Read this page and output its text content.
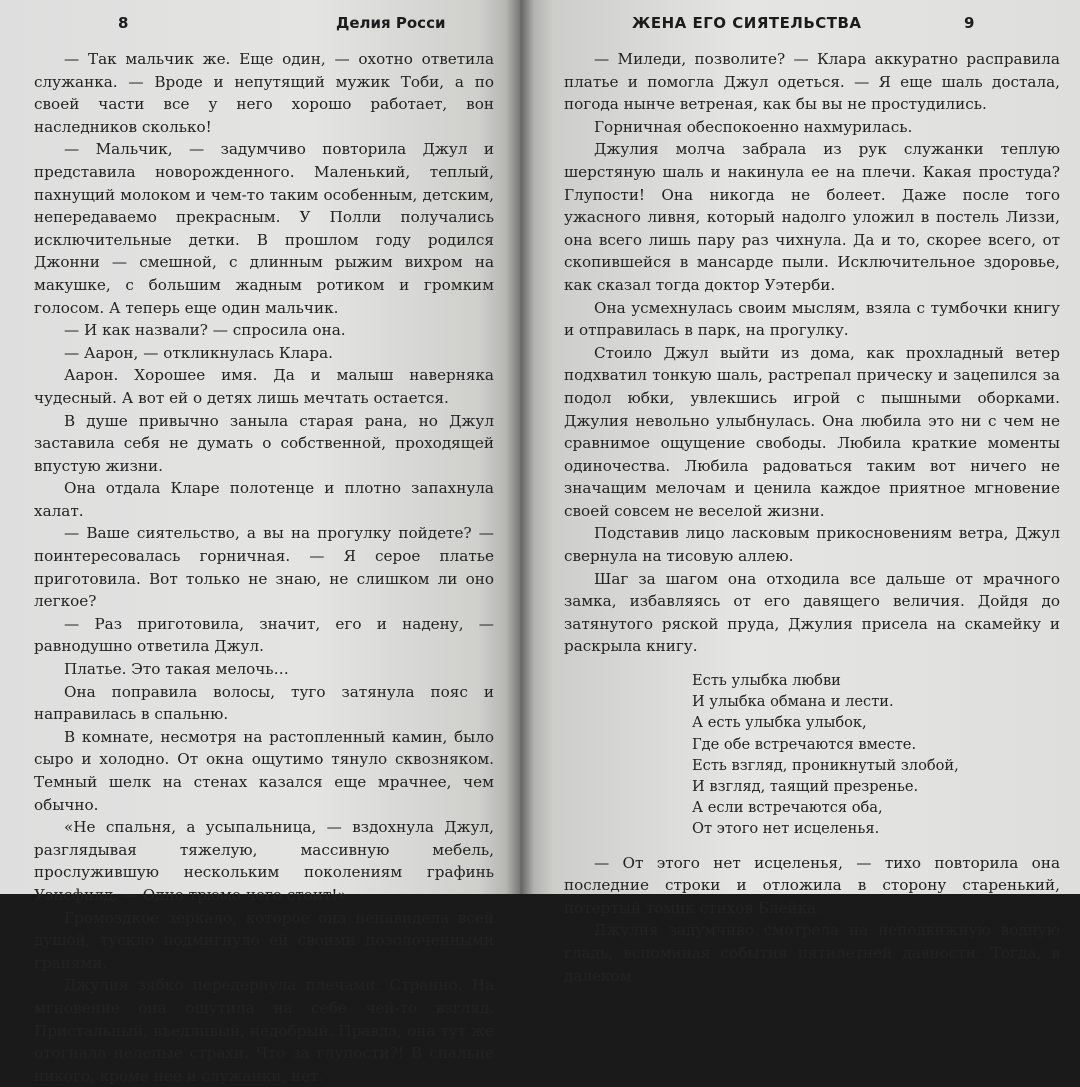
8	Делия Росси

— Так мальчик же. Еще один, — охотно ответила служанка. — Вроде и непутящий мужик Тоби, а по своей части все у него хорошо работает, вон наследников сколько!

— Мальчик, — задумчиво повторила Джул и представила новорожденного. Маленький, теплый, пахнущий молоком и чем-то таким особенным, детским, непередаваемо прекрасным. У Полли получались исключительные детки. В прошлом году родился Джонни — смешной, с длинным рыжим вихром на макушке, с большим жадным ротиком и громким голосом. А теперь еще один мальчик.

— И как назвали? — спросила она.

— Аарон, — откликнулась Клара.

Аарон. Хорошее имя. Да и малыш наверняка чудесный. А вот ей о детях лишь мечтать остается.

В душе привычно заныла старая рана, но Джул заставила себя не думать о собственной, проходящей впустую жизни.

Она отдала Кларе полотенце и плотно запахнула халат.

— Ваше сиятельство, а вы на прогулку пойдете? — поинтересовалась горничная. — Я серое платье приготовила. Вот только не знаю, не слишком ли оно легкое?

— Раз приготовила, значит, его и надену, — равнодушно ответила Джул.

Платье. Это такая мелочь…

Она поправила волосы, туго затянула пояс и направилась в спальню.

В комнате, несмотря на растопленный камин, было сыро и холодно. От окна ощутимо тянуло сквозняком. Темный шелк на стенах казался еще мрачнее, чем обычно.

«Не спальня, а усыпальница, — вздохнула Джул, разглядывая тяжелую, массивную мебель, прослужившую нескольким поколениям графинь Уэнсфилд. — Одно трюмо чего стоит!»

Громоздкое зеркало, которое она ненавидела всей душой, тускло подмигнуло ей своими позолоченными гранями.

Джулия зябко передернула плечами. Странно. На мгновение она ощутила на себе чей-то взгляд. Пристальный, въедливый, недобрый. Правда, она тут же отогнала нелепые страхи. Что за глупости?! В спальне никого, кроме нее и служанки, нет.

ЖЕНА ЕГО СИЯТЕЛЬСТВА	9

— Миледи, позволите? — Клара аккуратно расправила платье и помогла Джул одеться. — Я еще шаль достала, погода нынче ветреная, как бы вы не простудились.

Горничная обеспокоенно нахмурилась.

Джулия молча забрала из рук служанки теплую шерстяную шаль и накинула ее на плечи. Какая простуда? Глупости! Она никогда не болеет. Даже после того ужасного ливня, который надолго уложил в постель Лиззи, она всего лишь пару раз чихнула. Да и то, скорее всего, от скопившейся в мансарде пыли. Исключительное здоровье, как сказал тогда доктор Уэтерби.

Она усмехнулась своим мыслям, взяла с тумбочки книгу и отправилась в парк, на прогулку.

Стоило Джул выйти из дома, как прохладный ветер подхватил тонкую шаль, растрепал прическу и зацепился за подол юбки, увлекшись игрой с пышными оборками. Джулия невольно улыбнулась. Она любила это ни с чем не сравнимое ощущение свободы. Любила краткие моменты одиночества. Любила радоваться таким вот ничего не значащим мелочам и ценила каждое приятное мгновение своей совсем не веселой жизни.

Подставив лицо ласковым прикосновениям ветра, Джул свернула на тисовую аллею.

Шаг за шагом она отходила все дальше от мрачного замка, избавляясь от его давящего величия. Дойдя до затянутого ряской пруда, Джулия присела на скамейку и раскрыла книгу.

Есть улыбка любви
И улыбка обмана и лести.
А есть улыбка улыбок,
Где обе встречаются вместе.
Есть взгляд, проникнутый злобой,
И взгляд, таящий презренье.
А если встречаются оба,
От этого нет исцеленья.

— От этого нет исцеленья, — тихо повторила она последние строки и отложила в сторону старенький, потертый томик стихов Блейка.

Джулия задумчиво смотрела на неподвижную водную гладь, вспоминая события пятилетней давности. Тогда, в далеком
